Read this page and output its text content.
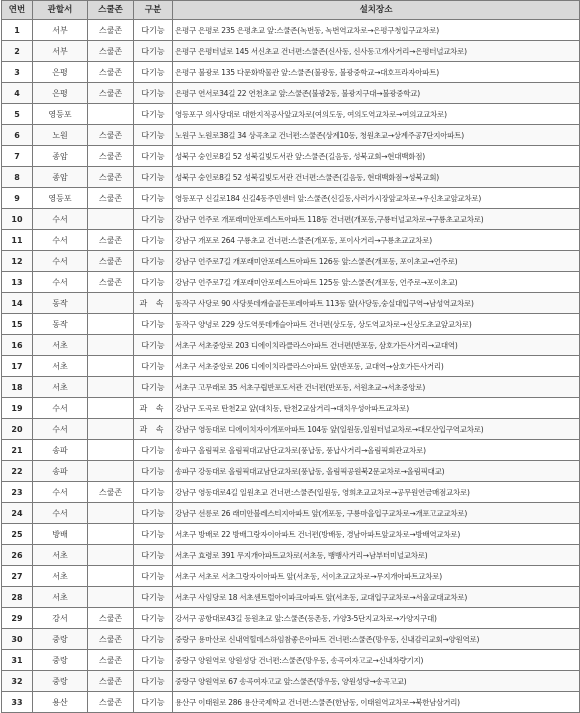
연번	관할서	스쿨존	구분	설치장소
1	서부	스쿨존	다기능	은평구 은평로 235 은평초교 앞:스쿨존(녹번동, 녹번역교차로→은평구청입구교차로)
2	서부	스쿨존	다기능	은평구 은평터널로 145 서신초교 건너편:스쿨존(신사동, 신사동고개사거리→은평터널교차로)
3	은평	스쿨존	다기능	은평구 불광로 135 다문화박물관 앞:스쿨존(불광동, 불광중학교→대호프라자아파트)
4	은평	스쿨존	다기능	은평구 연서로34길 22 연천초교 앞:스쿨존(불광2동, 불광지구대→불광중학교)
5	영등포		다기능	영등포구 의사당대로 대한지적공사앞교차로(여의도동, 여의도역교차로→여의교교차로)
6	노원	스쿨존	다기능	노원구 노원로38길 34 상곡초교 건너편:스쿨존(상계10동, 청원초교→상계주공7단지아파트)
7	종암	스쿨존	다기능	성북구 숭인로8길 52 성북길빛도서관 앞:스쿨존(길음동, 성북교회→현대백화점)
8	종암	스쿨존	다기능	성북구 숭인로8길 52 성북길빛도서관 건너편:스쿨존(길음동, 현대백화점→성북교회)
9	영등포	스쿨존	다기능	영등포구 신길로184 신길4동주민센터 앞:스쿨존(신길동,사러가시장앞교차로→우신초교앞교차로)
10	수서		다기능	강남구 언주로 개포래미안포레스트아파트 118동 건너편(개포동,구룡터널교차로→구룡초교교차로)
11	수서	스쿨존	다기능	강남구 개포로 264 구룡초교 건너편:스쿨존(개포동, 포이사거리→구룡초교교차로)
12	수서	스쿨존	다기능	강남구 언주로7길 개포래미안포레스트아파트 126동 앞:스쿨존(개포동, 포이초교→언주로)
13	수서	스쿨존	다기능	강남구 언주로7길 개포래미안포레스트아파트 125동 앞:스쿨존(개포동, 언주로→포이초교)
14	동작		과 속	동작구 사당로 90 사당롯데캐슬골든포레아파트 113동 앞(사당동,숭실대입구역→남성역교차로)
15	동작		다기능	동작구 양녕로 229 상도역롯데캐슬아파트 건너편(상도동, 상도역교차로→신상도초교앞교차로)
16	서초		다기능	서초구 서초중앙로 203 디에이치라클라스아파트 건너편(반포동, 삼호가든사거리→교대역)
17	서초		다기능	서초구 서초중앙로 206 디에이치라클라스아파트 앞(반포동, 교대역→삼호가든사거리)
18	서초		다기능	서초구 고무래로 35 서초구립반포도서관 건너편(반포동, 서원초교→서초중앙로)
19	수서		과 속	강남구 도곡로 탄천2교 앞(대치동, 탄천2교삼거리→대치우성아파트교차로)
20	수서		과 속	강남구 영동대로 디에이치자이개포아파트 104동 앞(일원동,일원터널교차로→대모산입구역교차로)
21	송파		다기능	송파구 올림픽로 올림픽대교남단교차로(풍납동, 풍납사거리→올림픽회관교차로)
22	송파		다기능	송파구 강동대로 올림픽대교남단교차로(풍납동, 올림픽공원북2문교차로→올림픽대교)
23	수서	스쿨존	다기능	강남구 영동대로4길 일원초교 건너편:스쿨존(일원동, 영희초교교차로→공무원연금매점교차로)
24	수서		다기능	강남구 선릉로 26 래미안블레스티지아파트 앞(개포동, 구룡마을입구교차로→개포고교교차로)
25	방배		다기능	서초구 방배로 22 방배그랑자이아파트 건너편(방배동, 경남아파트앞교차로→방배역교차로)
26	서초		다기능	서초구 효령로 391 무지개아파트교차로(서초동, 뱅뱅사거리→남부터미널교차로)
27	서초		다기능	서초구 서초로 서초그랑자이아파트 앞(서초동, 서이초교교차로→무지개아파트교차로)
28	서초		다기능	서초구 사임당로 18 서초센트럴아이파크아파트 앞(서초동, 교대입구교차로→서울교대교차로)
29	강서	스쿨존	다기능	강서구 공항대로43길 등원초교 앞:스쿨존(등촌동, 가양3-5단지교차로→가양지구대)
30	중랑	스쿨존	다기능	중랑구 용마산로 신내역힐데스하임참좋은아파트 건너편:스쿨존(망우동, 신내감리교회→양원역로)
31	중랑	스쿨존	다기능	중랑구 양원역로 양원성당 건너편:스쿨존(망우동, 송곡여자고교→신내차량기지)
32	중랑	스쿨존	다기능	중랑구 양원역로 67 송곡여자고교 앞:스쿨존(망우동, 양원성당→송곡고교)
33	용산	스쿨존	다기능	용산구 이태원로 286 용산국제학교 건너편:스쿨존(한남동, 이태원역교차로→북한남삼거리)
